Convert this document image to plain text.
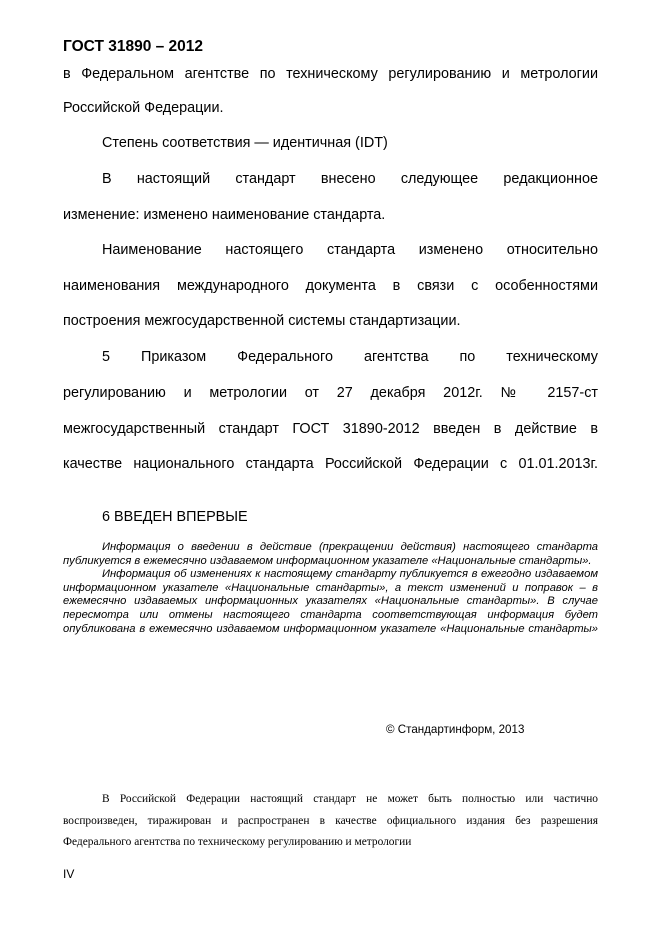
ГОСТ 31890 – 2012
в Федеральном агентстве по техническому регулированию и метрологии
Российской Федерации.
Степень соответствия — идентичная (IDT)
В настоящий стандарт внесено следующее редакционное
изменение: изменено наименование стандарта.
Наименование настоящего стандарта изменено относительно
наименования международного документа в связи с особенностями
построения межгосударственной системы стандартизации.
5 Приказом Федерального агентства по техническому
регулированию и метрологии от 27 декабря 2012г. № 2157-ст
межгосударственный стандарт ГОСТ 31890-2012 введен в действие в
качестве национального стандарта Российской Федерации с 01.01.2013г.
6 ВВЕДЕН ВПЕРВЫЕ

Информация о введении в действие (прекращении действия) настоящего стандарта публикуется в ежемесячно издаваемом информационном указателе «Национальные стандарты».

Информация об изменениях к настоящему стандарту публикуется в ежегодно издаваемом информационном указателе «Национальные стандарты», а текст изменений и поправок – в ежемесячно издаваемых информационных указателях «Национальные стандарты». В случае пересмотра или отмены настоящего стандарта соответствующая информация будет опубликована в ежемесячно издаваемом информационном указателе «Национальные стандарты»

© Стандартинформ, 2013

В Российской Федерации настоящий стандарт не может быть полностью или частично воспроизведен, тиражирован и распространен в качестве официального издания без разрешения Федерального агентства по техническому регулированию и метрологии

IV
